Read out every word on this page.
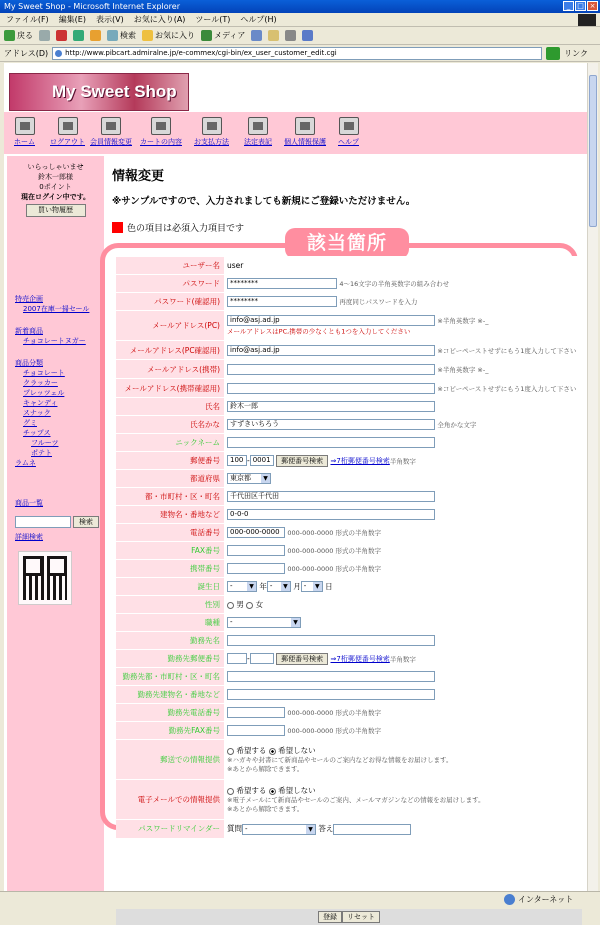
My Sweet Shop - Microsoft Internet Explorer	_ □ ×
ファイル(F) 編集(E) 表示(V) お気に入り(A) ツール(T) ヘルプ(H)
戻る	検索 お気に入り メディア
アドレス(D)	http://www.pibcart.admiralne.jp/e-commex/cgi-bin/ex_user_customer_edit.cgi	リンク
My Sweet Shop
ホーム ログアウト 会員情報変更 カートの内容 お支払方法 法定表記 個人情報保護 ヘルプ
いらっしゃいませ
鈴木一郎様
0ポイント
現在ログイン中です。
買い物履歴
特売企画
2007在庫一掃セール
新着商品
チョコレートヌガー
商品分類
チョコレート
クラッカー
プレッツェル
キャンディ
スナック
グミ
チップス
フルーツ
ポテト
ラムネ
商品一覧
検索
詳細検索
情報変更
※サンプルですので、入力されましても新規にご登録いただけません。
色の項目は必須入力項目です
該当箇所
ユーザー名	user
パスワード	******** 4～16文字の半角英数字の組み合わせ
パスワード(確認用)	******** 再度同じパスワードを入力
メールアドレス(PC)	info@asj.ad.jp ※半角英数字 ※-_
メールアドレスはPC,携帯の少なくとも1つを入力してください
メールアドレス(PC確認用)	info@asj.ad.jp ※コピーペーストせずにもう1度入力して下さい
メールアドレス(携帯)	※半角英数字 ※-_
メールアドレス(携帯確認用)	※コピーペーストせずにもう1度入力して下さい
氏名	鈴木一郎
氏名かな	すずきいちろう 全角かな文字
ニックネーム	
郵便番号	100 - 0001 郵便番号検索 ⇒7桁郵便番号検索半角数字
都道府県	東京都 ▼
都・市町村・区・町名	千代田区千代田
建物名・番地など	0-0-0
電話番号	000-000-0000 000-000-0000 形式の半角数字
FAX番号	000-000-0000 形式の半角数字
携帯番号	000-000-0000 形式の半角数字
誕生日	- ▼ 年 - ▼ 月 - ▼ 日
性別	男 女
職種	- ▼
勤務先名	
勤務先郵便番号	- 郵便番号検索 ⇒7桁郵便番号検索半角数字
勤務先都・市町村・区・町名	
勤務先建物名・番地など	
勤務先電話番号	000-000-0000 形式の半角数字
勤務先FAX番号	000-000-0000 形式の半角数字
郵送での情報提供	希望する 希望しない
※ハガキや封書にて新商品やセールのご案内などお得な情報をお届けします。
※あとから解除できます。

電子メールでの情報提供	希望する 希望しない
※電子メールにて新商品やセールのご案内、メールマガジンなどの情報をお届けします。
※あとから解除できます。

パスワードリマインダー	質問 - ▼ 答え
登録 リセット
インターネット
